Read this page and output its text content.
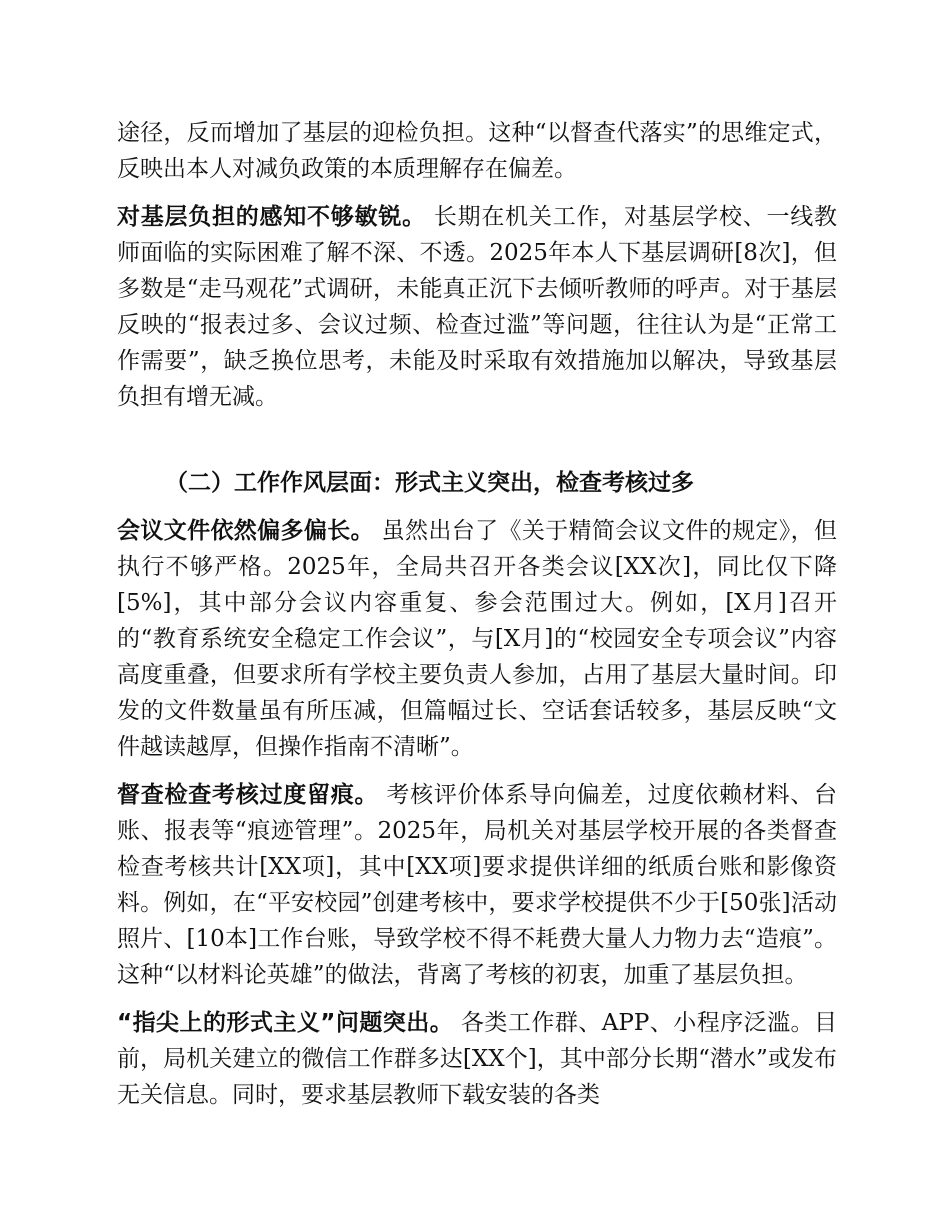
途径，反而增加了基层的迎检负担。这种“以督查代落实”的思维定式，反映出本人对减负政策的本质理解存在偏差。

对基层负担的感知不够敏锐。 长期在机关工作，对基层学校、一线教师面临的实际困难了解不深、不透。2025年本人下基层调研[8次]，但多数是“走马观花”式调研，未能真正沉下去倾听教师的呼声。对于基层反映的“报表过多、会议过频、检查过滥”等问题，往往认为是“正常工作需要”，缺乏换位思考，未能及时采取有效措施加以解决，导致基层负担有增无减。

（二）工作作风层面：形式主义突出，检查考核过多

会议文件依然偏多偏长。 虽然出台了《关于精简会议文件的规定》，但执行不够严格。2025年，全局共召开各类会议[XX次]，同比仅下降[5%]，其中部分会议内容重复、参会范围过大。例如，[X月]召开的“教育系统安全稳定工作会议”，与[X月]的“校园安全专项会议”内容高度重叠，但要求所有学校主要负责人参加，占用了基层大量时间。印发的文件数量虽有所压减，但篇幅过长、空话套话较多，基层反映“文件越读越厚，但操作指南不清晰”。

督查检查考核过度留痕。 考核评价体系导向偏差，过度依赖材料、台账、报表等“痕迹管理”。2025年，局机关对基层学校开展的各类督查检查考核共计[XX项]，其中[XX项]要求提供详细的纸质台账和影像资料。例如，在“平安校园”创建考核中，要求学校提供不少于[50张]活动照片、[10本]工作台账，导致学校不得不耗费大量人力物力去“造痕”。这种“以材料论英雄”的做法，背离了考核的初衷，加重了基层负担。

“指尖上的形式主义”问题突出。 各类工作群、APP、小程序泛滥。目前，局机关建立的微信工作群多达[XX个]，其中部分长期“潜水”或发布无关信息。同时，要求基层教师下载安装的各类
